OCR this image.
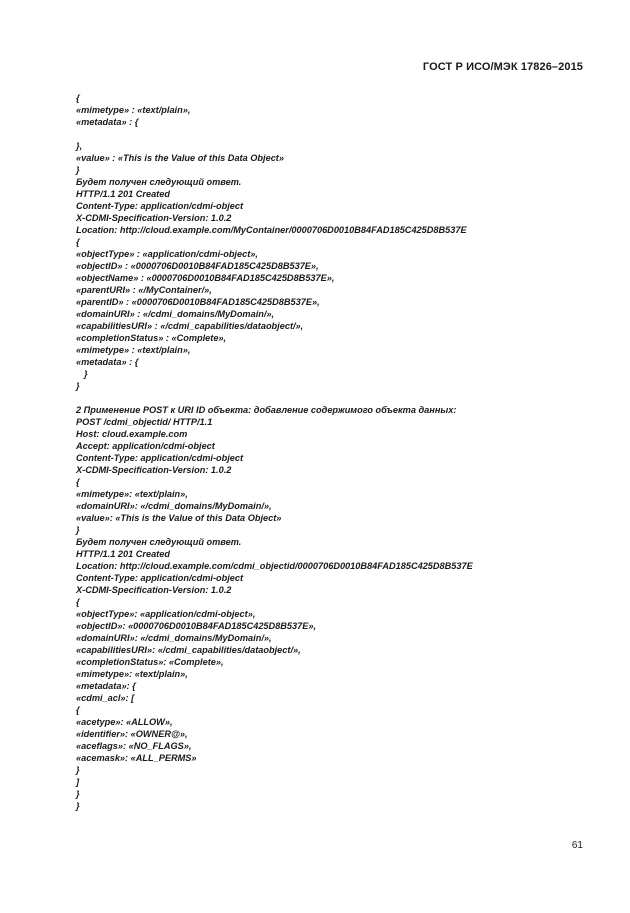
ГОСТ Р ИСО/МЭК 17826–2015
{
«mimetype» : «text/plain»,
«metadata» : {
},
«value» : «This is the Value of this Data Object»
}
Будет получен следующий ответ.
HTTP/1.1 201 Created
Content-Type: application/cdmi-object
X-CDMI-Specification-Version: 1.0.2
Location: http://cloud.example.com/MyContainer/0000706D0010B84FAD185C425D8B537E
{
«objectType» : «application/cdmi-object»,
«objectID» : «0000706D0010B84FAD185C425D8B537E»,
«objectName» : «0000706D0010B84FAD185C425D8B537E»,
«parentURI» : «/MyContainer/»,
«parentID» : «0000706D0010B84FAD185C425D8B537E»,
«domainURI» : «/cdmi_domains/MyDomain/»,
«capabilitiesURI» : «/cdmi_capabilities/dataobject/»,
«completionStatus» : «Complete»,
«mimetype» : «text/plain»,
«metadata» : {
}
}
2 Применение POST к URI ID объекта: добавление содержимого объекта данных:
POST /cdmi_objectid/ HTTP/1.1
Host: cloud.example.com
Accept: application/cdmi-object
Content-Type: application/cdmi-object
X-CDMI-Specification-Version: 1.0.2
{
«mimetype»: «text/plain»,
«domainURI»: «/cdmi_domains/MyDomain/»,
«value»: «This is the Value of this Data Object»
}
Будет получен следующий ответ.
HTTP/1.1 201 Created
Location: http://cloud.example.com/cdmi_objectid/0000706D0010B84FAD185C425D8B537E
Content-Type: application/cdmi-object
X-CDMI-Specification-Version: 1.0.2
{
«objectType»: «application/cdmi-object»,
«objectID»: «0000706D0010B84FAD185C425D8B537E»,
«domainURI»: «/cdmi_domains/MyDomain/»,
«capabilitiesURI»: «/cdmi_capabilities/dataobject/»,
«completionStatus»: «Complete»,
«mimetype»: «text/plain»,
«metadata»: {
«cdmi_acl»: [
{
«acetype»: «ALLOW»,
«identifier»: «OWNER@»,
«aceflags»: «NO_FLAGS»,
«acemask»: «ALL_PERMS»
}
]
}
}
61
